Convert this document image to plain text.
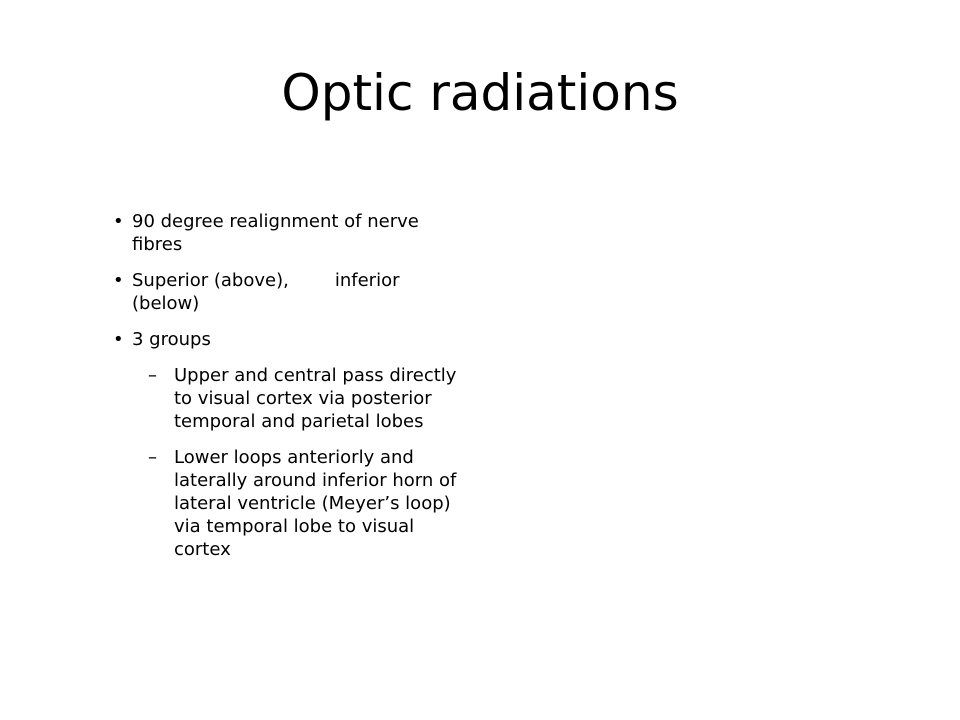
Optic radiations
• 90 degree realignment of nerve fibres
• Superior (above),	inferior (below)
• 3 groups
– Upper and central pass directly to visual cortex via posterior temporal and parietal lobes
– Lower loops anteriorly and laterally around inferior horn of lateral ventricle (Meyer’s loop) via temporal lobe to visual cortex
